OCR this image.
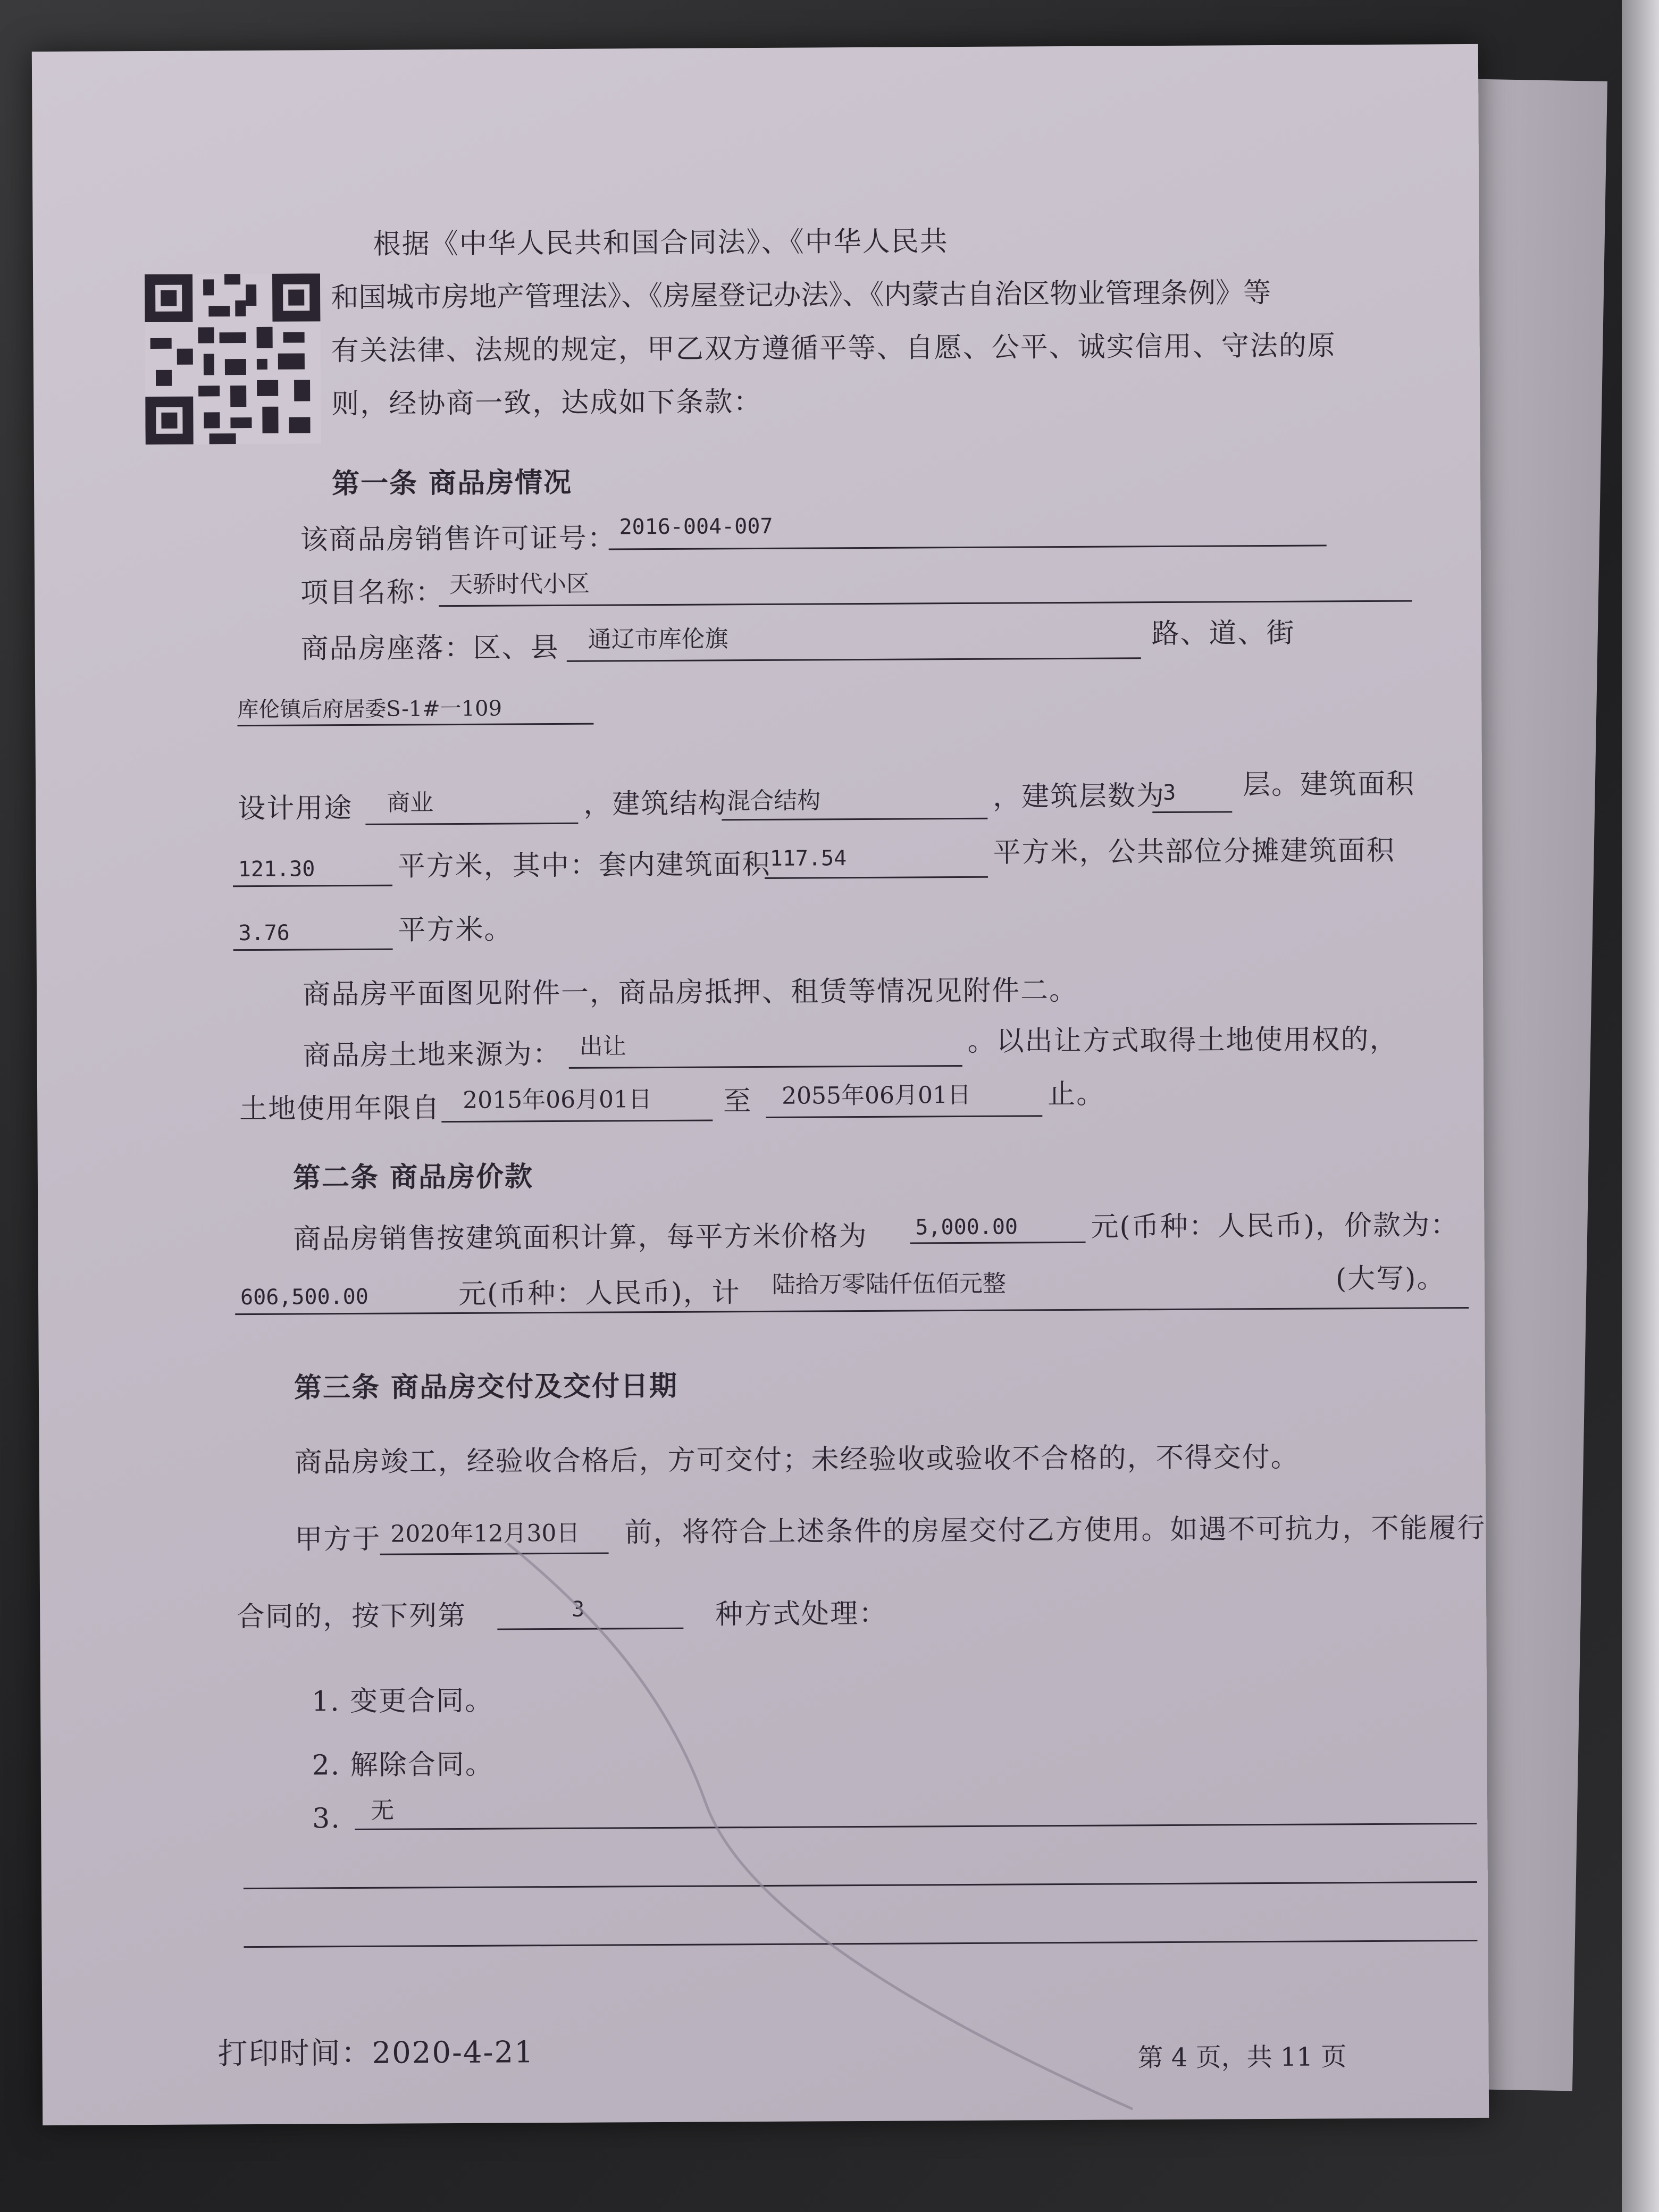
根据《中华人民共和国合同法》、《中华人民共
和国城市房地产管理法》、《房屋登记办法》、《内蒙古自治区物业管理条例》等
有关法律、法规的规定，甲乙双方遵循平等、自愿、公平、诚实信用、守法的原
则，经协商一致，达成如下条款：
第一条 商品房情况
该商品房销售许可证号： 2016-004-007
项目名称： 天骄时代小区
商品房座落：区、县 通辽市库伦旗	路、道、街
库伦镇后府居委S-1#一109
设计用途 商业	，建筑结构 混合结构	，建筑层数为
3 层。建筑面积
121.30	平方米，其中：套内建筑面积
117.54	平方米，公共部位分摊建筑面积
3.76	平方米。
商品房平面图见附件一，商品房抵押、租赁等情况见附件二。
商品房土地来源为： 出让	。以出让方式取得土地使用权的，
土地使用年限自 2015年06月01日	至 2055年06月01日	止。
第二条 商品房价款
商品房销售按建筑面积计算，每平方米价格为 5,000.00	元(币种：人民币)，价款为：
606,500.00	元(币种：人民币)，计 陆拾万零陆仟伍佰元整	(大写)。
第三条 商品房交付及交付日期
商品房竣工，经验收合格后，方可交付；未经验收或验收不合格的，不得交付。
甲方于 2020年12月30日 前，将符合上述条件的房屋交付乙方使用。如遇不可抗力，不能履行
合同的，按下列第	3	种方式处理：
1. 变更合同。
2. 解除合同。
3. 无
打印时间：2020-4-21	第 4 页，共 11 页
